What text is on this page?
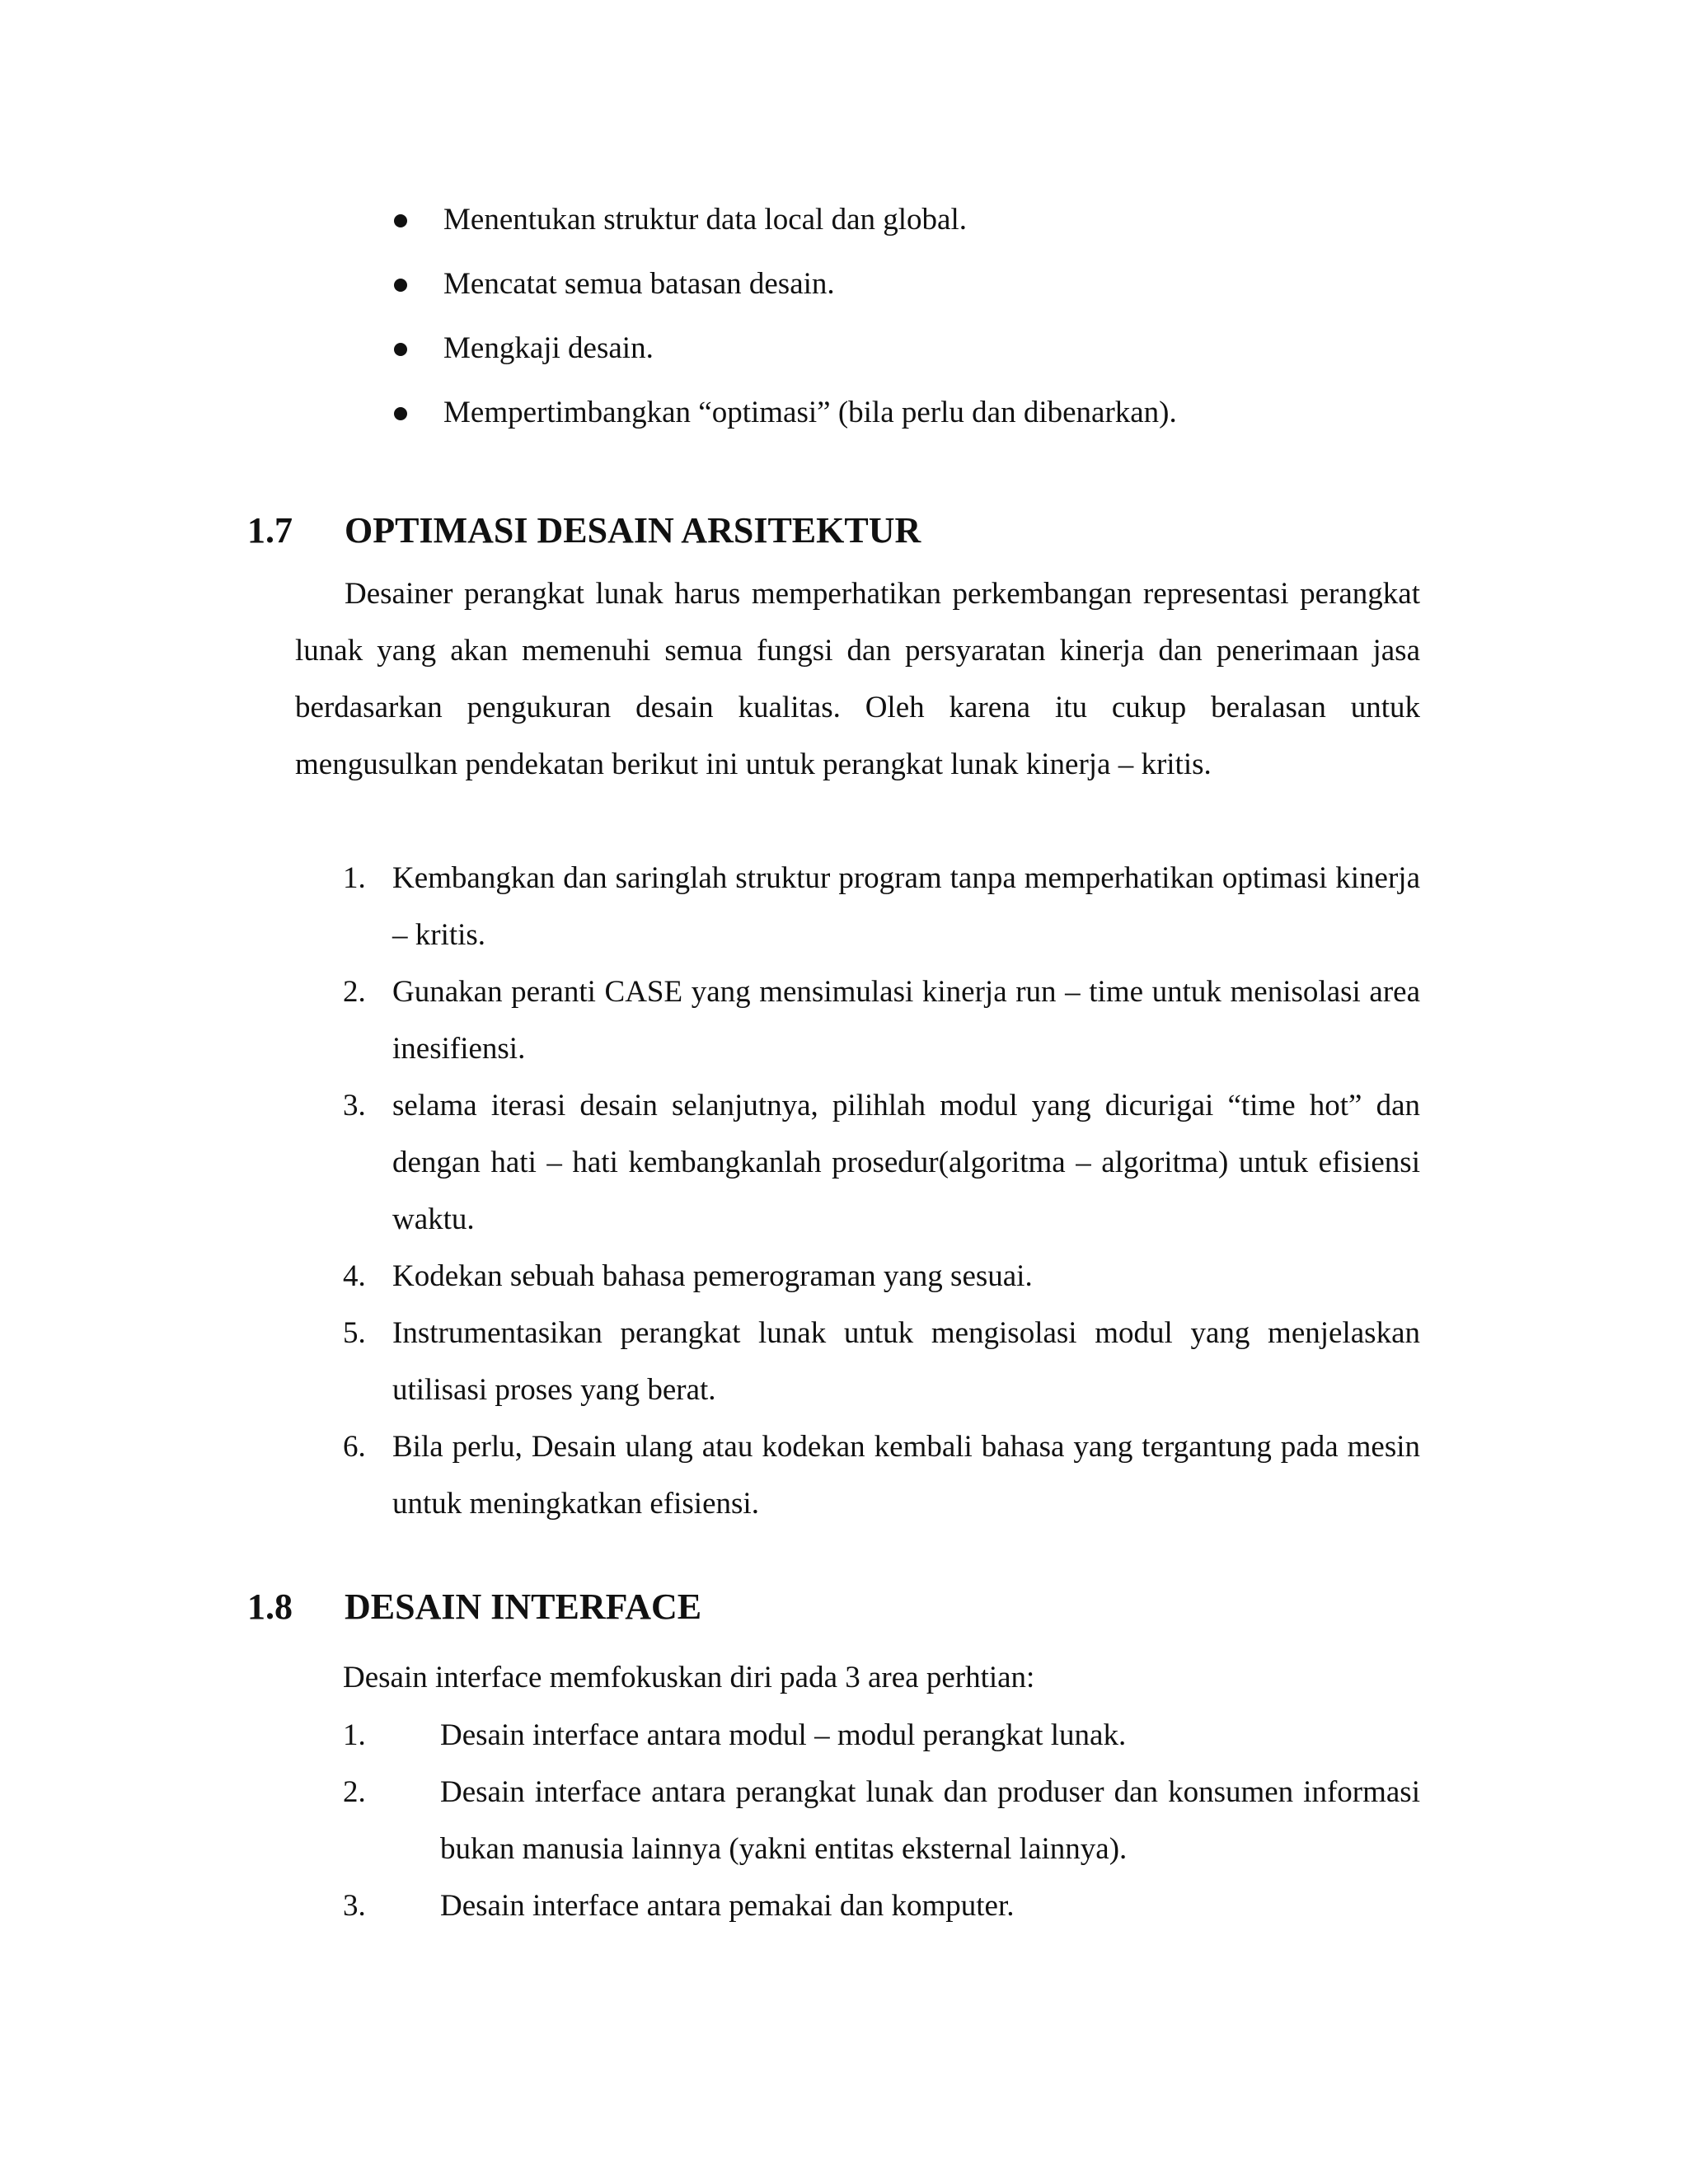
Menentukan struktur data local dan global.
Mencatat semua batasan desain.
Mengkaji desain.
Mempertimbangkan “optimasi” (bila perlu dan dibenarkan).
1.7 OPTIMASI DESAIN ARSITEKTUR
Desainer perangkat lunak harus memperhatikan perkembangan representasi perangkat lunak yang akan memenuhi semua fungsi dan persyaratan kinerja dan penerimaan jasa berdasarkan pengukuran desain kualitas. Oleh karena itu cukup beralasan untuk mengusulkan pendekatan berikut ini untuk perangkat lunak kinerja – kritis.
1. Kembangkan dan saringlah struktur program tanpa memperhatikan optimasi kinerja – kritis.
2. Gunakan peranti CASE yang mensimulasi kinerja run – time untuk menisolasi area inesifiensi.
3. selama iterasi desain selanjutnya, pilihlah modul yang dicurigai “time hot” dan dengan hati – hati kembangkanlah prosedur(algoritma – algoritma) untuk efisiensi waktu.
4. Kodekan sebuah bahasa pemerograman yang sesuai.
5. Instrumentasikan perangkat lunak untuk mengisolasi modul yang menjelaskan utilisasi proses yang berat.
6. Bila perlu, Desain ulang atau kodekan kembali bahasa yang tergantung pada mesin untuk meningkatkan efisiensi.
1.8 DESAIN INTERFACE
Desain interface memfokuskan diri pada 3 area perhtian:
1. Desain interface antara modul – modul perangkat lunak.
2. Desain interface antara perangkat lunak dan produser dan konsumen informasi bukan manusia lainnya (yakni entitas eksternal lainnya).
3. Desain interface antara pemakai dan komputer.
